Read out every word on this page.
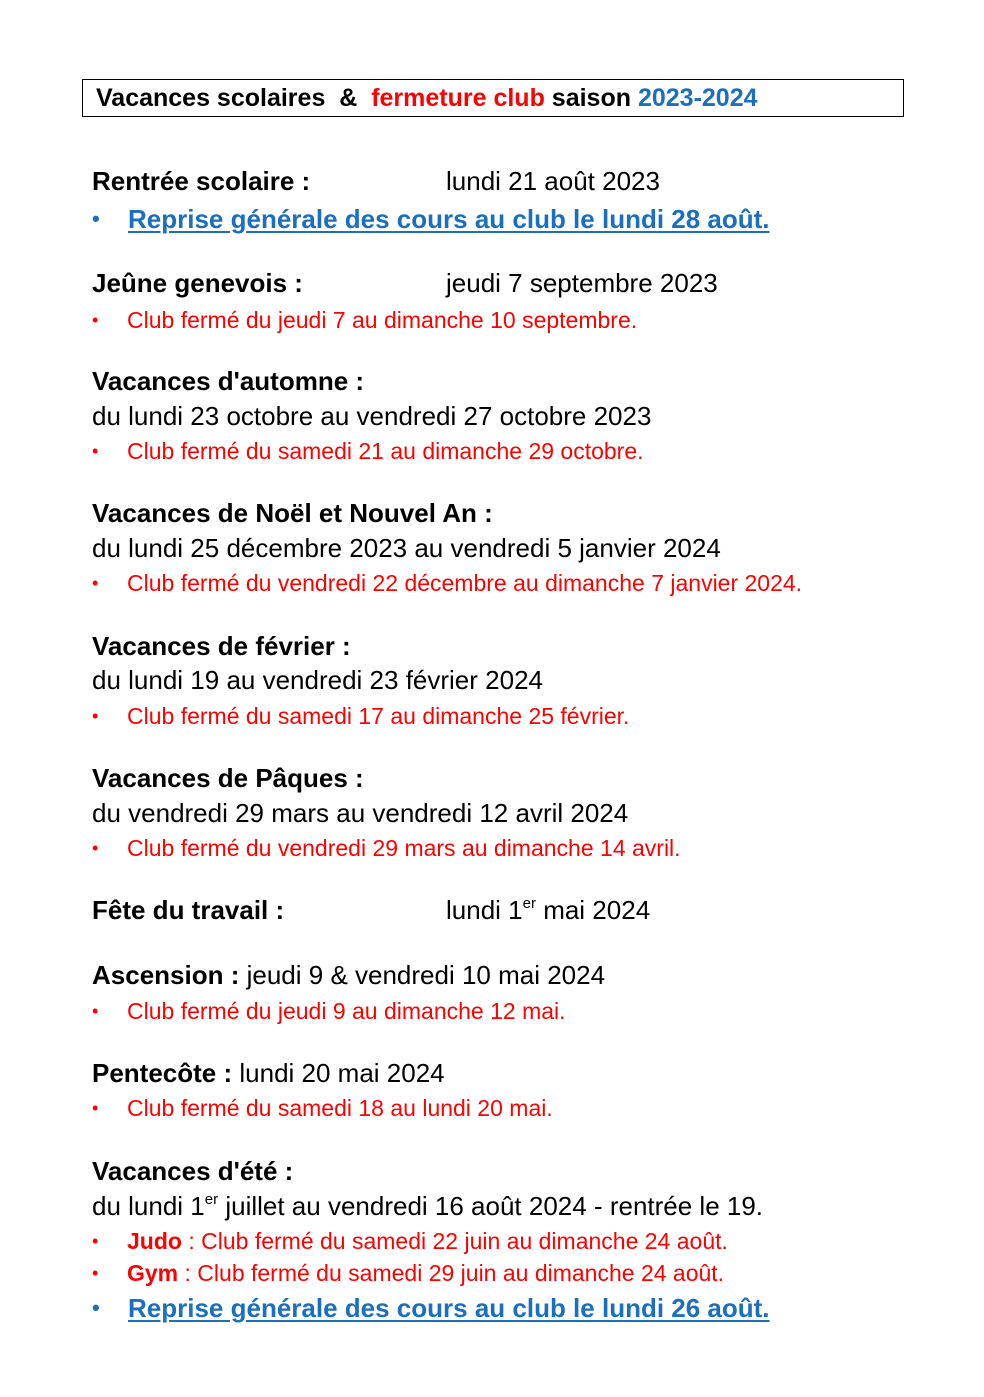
Vacances scolaires  &  fermeture club saison 2023-2024
Rentrée scolaire :	lundi 21 août 2023
• Reprise générale des cours au club le lundi 28 août.
Jeûne genevois :	jeudi 7 septembre 2023
• Club fermé du jeudi 7 au dimanche 10 septembre.
Vacances d'automne :
du lundi 23 octobre au vendredi 27 octobre 2023
• Club fermé du samedi 21 au dimanche 29 octobre.
Vacances de Noël et Nouvel An :
du lundi 25 décembre 2023 au vendredi 5 janvier 2024
• Club fermé du vendredi 22 décembre au dimanche 7 janvier 2024.
Vacances de février :
du lundi 19 au vendredi 23 février 2024
• Club fermé du samedi 17 au dimanche 25 février.
Vacances de Pâques :
du vendredi 29 mars au vendredi 12 avril 2024
• Club fermé du vendredi 29 mars au dimanche 14 avril.
Fête du travail :	lundi 1er mai 2024
Ascension : jeudi 9 & vendredi 10 mai 2024
• Club fermé du jeudi 9 au dimanche 12 mai.
Pentecôte : lundi 20 mai 2024
• Club fermé du samedi 18 au lundi 20 mai.
Vacances d'été :
du lundi 1er juillet au vendredi 16 août 2024 - rentrée le 19.
• Judo : Club fermé du samedi 22 juin au dimanche 24 août.
• Gym : Club fermé du samedi 29 juin au dimanche 24 août.
• Reprise générale des cours au club le lundi 26 août.
